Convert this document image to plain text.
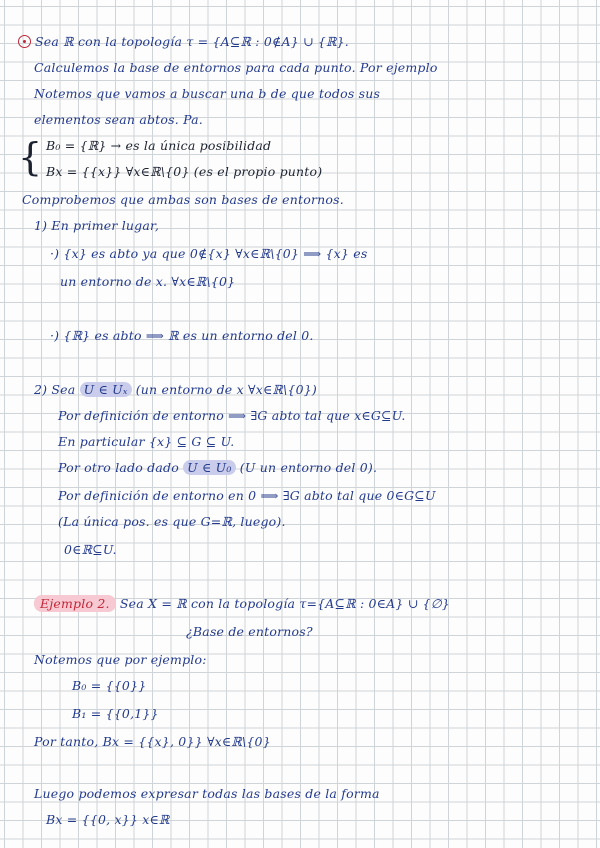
Sea ℝ con la topología τ = {A⊆ℝ : 0∉A} ∪ {ℝ}.
Calculemos la base de entornos para cada punto. Por ejemplo
Notemos que vamos a buscar una b de que todos sus
elementos sean abtos. Pa.
{ B₀ = {ℝ} → es la única posibilidad
Bx = {{x}} ∀x∈ℝ\{0} (es el propio punto)
Comprobemos que ambas son bases de entornos.
1) En primer lugar,
·) {x} es abto ya que 0∉{x} ∀x∈ℝ\{0} ⟹ {x} es
un entorno de x. ∀x∈ℝ\{0}
·) {ℝ} es abto ⟹ ℝ es un entorno del 0.
2) Sea U ∈ Uₓ (un entorno de x ∀x∈ℝ\{0})
Por definición de entorno ⟹ ∃G abto tal que x∈G⊆U.
En particular {x} ⊆ G ⊆ U.
Por otro lado dado U ∈ U₀ (U un entorno del 0).
Por definición de entorno en 0 ⟹ ∃G abto tal que 0∈G⊆U
(La única pos. es que G=ℝ, luego).
0∈ℝ⊆U.
Ejemplo 2. Sea X = ℝ con la topología τ={A⊆ℝ : 0∈A} ∪ {∅}
¿Base de entornos?
Notemos que por ejemplo:
B₀ = {{0}}
B₁ = {{0,1}}
Por tanto, Bx = {{x}, 0}} ∀x∈ℝ\{0}
Luego podemos expresar todas las bases de la forma
Bx = {{0, x}} x∈ℝ
